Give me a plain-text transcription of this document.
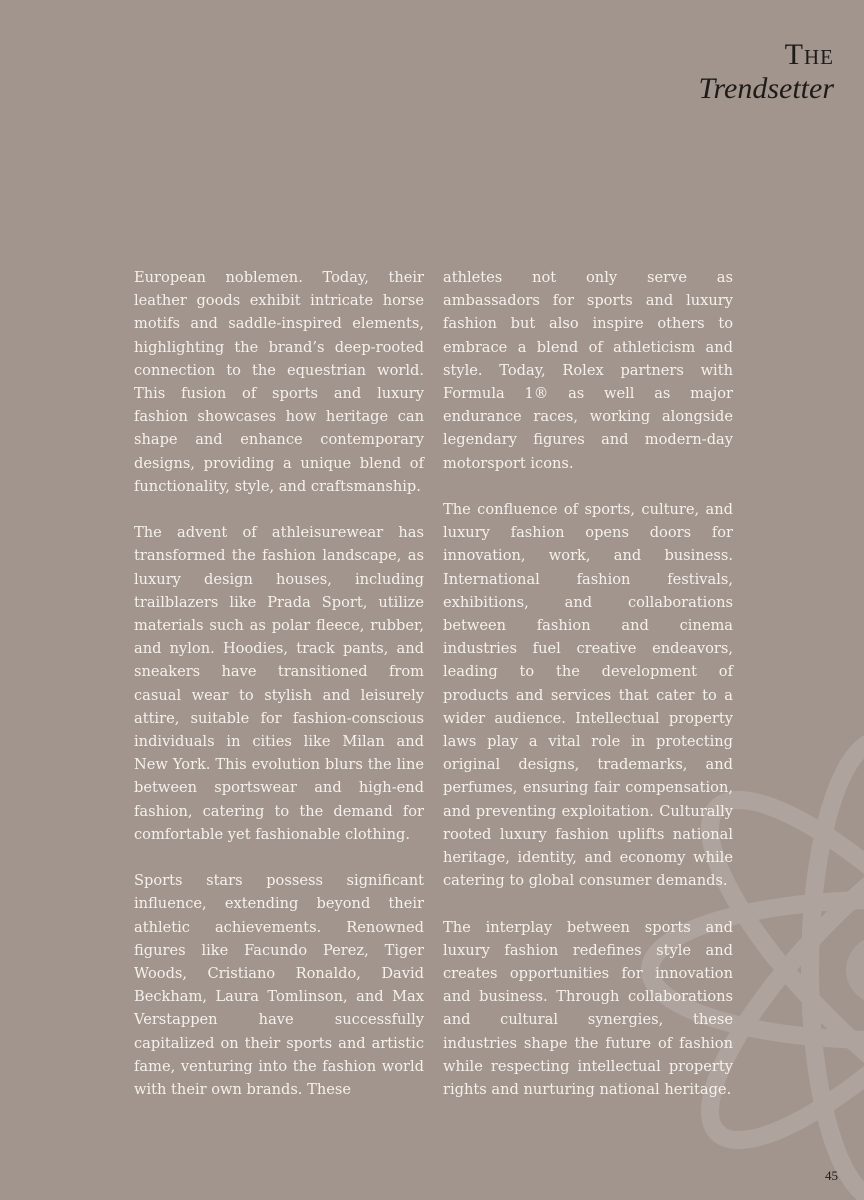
The
Trendsetter

European noblemen. Today, their leather goods exhibit intricate horse motifs and saddle-inspired elements, highlighting the brand’s deep-rooted connection to the equestrian world. This fusion of sports and luxury fashion showcases how heritage can shape and enhance contemporary designs, providing a unique blend of functionality, style, and craftsmanship.

The advent of athleisurewear has transformed the fashion landscape, as luxury design houses, including trailblazers like Prada Sport, utilize materials such as polar fleece, rubber, and nylon. Hoodies, track pants, and sneakers have transitioned from casual wear to stylish and leisurely attire, suitable for fashion-conscious individuals in cities like Milan and New York. This evolution blurs the line between sportswear and high-end fashion, catering to the demand for comfortable yet fashionable clothing.

Sports stars possess significant influence, extending beyond their athletic achievements. Renowned figures like Facundo Perez, Tiger Woods, Cristiano Ronaldo, David Beckham, Laura Tomlinson, and Max Verstappen have successfully capitalized on their sports and artistic fame, venturing into the fashion world with their own brands. These

athletes not only serve as ambassadors for sports and luxury fashion but also inspire others to embrace a blend of athleticism and style. Today, Rolex partners with Formula 1® as well as major endurance races, working alongside legendary figures and modern-day motorsport icons.

The confluence of sports, culture, and luxury fashion opens doors for innovation, work, and business. International fashion festivals, exhibitions, and collaborations between fashion and cinema industries fuel creative endeavors, leading to the development of products and services that cater to a wider audience. Intellectual property laws play a vital role in protecting original designs, trademarks, and perfumes, ensuring fair compensation, and preventing exploitation. Culturally rooted luxury fashion uplifts national heritage, identity, and economy while catering to global consumer demands.

The interplay between sports and luxury fashion redefines style and creates opportunities for innovation and business. Through collaborations and cultural synergies, these industries shape the future of fashion while respecting intellectual property rights and nurturing national heritage.

45
